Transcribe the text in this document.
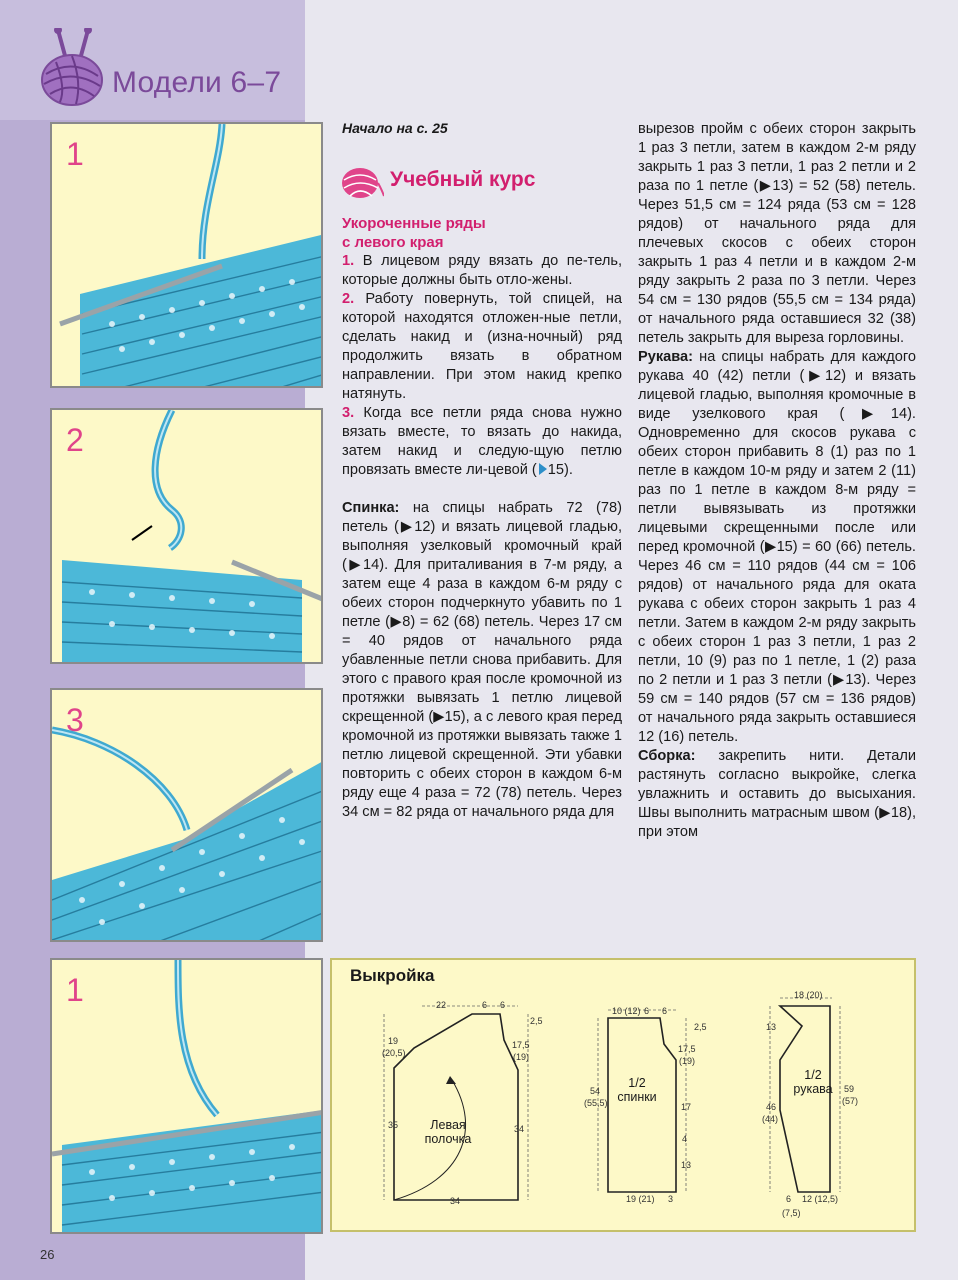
Модели 6–7
1
2
3
1
Начало на с. 25
Учебный курс
Укороченные ряды
с левого края

1. В лицевом ряду вязать до пе-тель, которые должны быть отло-жены.

2. Работу повернуть, той спицей, на которой находятся отложен-ные петли, сделать накид и (изна-ночный) ряд продолжить вязать в обратном направлении. При этом накид крепко натянуть.

3. Когда все петли ряда снова нужно вязать вместе, то вязать до накида, затем накид и следую-щую петлю провязать вместе ли-цевой ( 15).

Спинка: на спицы набрать 72 (78) петель (▶12) и вязать лицевой гладью, выполняя узелковый кромочный край (▶14). Для приталивания в 7-м ряду, а затем еще 4 раза в каждом 6-м ряду с обеих сторон подчеркнуто убавить по 1 петле (▶8) = 62 (68) петель. Через 17 см = 40 рядов от начального ряда убавленные петли снова прибавить. Для этого с правого края после кромочной из протяжки вывязать 1 петлю лицевой скрещенной (▶15), а с левого края перед кромочной из протяжки вывязать также 1 петлю лицевой скрещенной. Эти убавки повторить с обеих сторон в каждом 6-м ряду еще 4 раза = 72 (78) петель. Через 34 см = 82 ряда от начального ряда для

вырезов пройм с обеих сторон закрыть 1 раз 3 петли, затем в каждом 2-м ряду закрыть 1 раз 3 петли, 1 раз 2 петли и 2 раза по 1 петле (▶13) = 52 (58) петель. Через 51,5 см = 124 ряда (53 см = 128 рядов) от начального ряда для плечевых скосов с обеих сторон закрыть 1 раз 4 петли и в каждом 2-м ряду закрыть 2 раза по 3 петли. Через 54 см = 130 рядов (55,5 см = 134 ряда) от начального ряда оставшиеся 32 (38) петель закрыть для выреза горловины.

Рукава: на спицы набрать для каждого рукава 40 (42) петли (▶12) и вязать лицевой гладью, выполняя кромочные в виде узелкового края (▶14). Одновременно для скосов рукава с обеих сторон прибавить 8 (1) раз по 1 петле в каждом 10-м ряду и затем 2 (11) раз по 1 петле в каждом 8-м ряду = петли вывязывать из протяжки лицевыми скрещенными после или перед кромочной (▶15) = 60 (66) петель. Через 46 см = 110 рядов (44 см = 106 рядов) от начального ряда для оката рукава с обеих сторон закрыть 1 раз 4 петли. Затем в каждом 2-м ряду закрыть с обеих сторон 1 раз 3 петли, 1 раз 2 петли, 10 (9) раз по 1 петле, 1 (2) раза по 2 петли и 1 раз 3 петли (▶13). Через 59 см = 140 рядов (57 см = 136 рядов) от начального ряда закрыть оставшиеся 12 (16) петель.

Сборка: закрепить нити. Детали растянуть согласно выкройке, слегка увлажнить и оставить до высыхания. Швы выполнить матрасным швом (▶18), при этом

Выкройка
Левая
полочка
1/2
спинки
1/2
рукава
22	6 6
2,5
19
(20,5)
17,5
(19)
35	34
34
10 (12) 6 6
2,5
17,5
(19)
54
(55,5)	17
4
13
19 (21) 3
18 (20)
13
46
(44)
59
(57)
6 12 (12,5)
(7,5)
26
